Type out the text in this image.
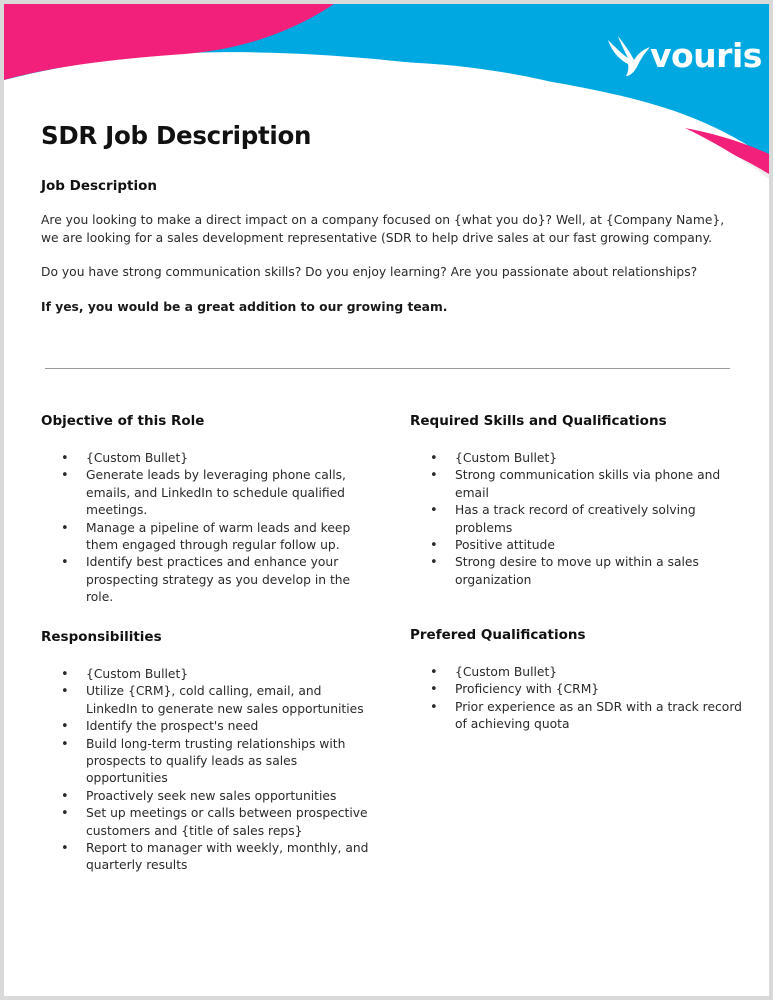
vouris
SDR Job Description
Job Description

Are you looking to make a direct impact on a company focused on {what you do}? Well, at {Company Name}, we are looking for a sales development representative (SDR to help drive sales at our fast growing company.

Do you have strong communication skills? Do you enjoy learning? Are you passionate about relationships?

If yes, you would be a great addition to our growing team.

Objective of this Role
• {Custom Bullet}
• Generate leads by leveraging phone calls, emails, and LinkedIn to schedule qualified meetings.
• Manage a pipeline of warm leads and keep them engaged through regular follow up.
• Identify best practices and enhance your prospecting strategy as you develop in the role.
Responsibilities
• {Custom Bullet}
• Utilize {CRM}, cold calling, email, and LinkedIn to generate new sales opportunities
• Identify the prospect's need
• Build long-term trusting relationships with prospects to qualify leads as sales opportunities
• Proactively seek new sales opportunities
• Set up meetings or calls between prospective customers and {title of sales reps}
• Report to manager with weekly, monthly, and quarterly results
Required Skills and Qualifications
• {Custom Bullet}
• Strong communication skills via phone and email
• Has a track record of creatively solving problems
• Positive attitude
• Strong desire to move up within a sales organization
Prefered Qualifications
• {Custom Bullet}
• Proficiency with {CRM}
• Prior experience as an SDR with a track record of achieving quota
